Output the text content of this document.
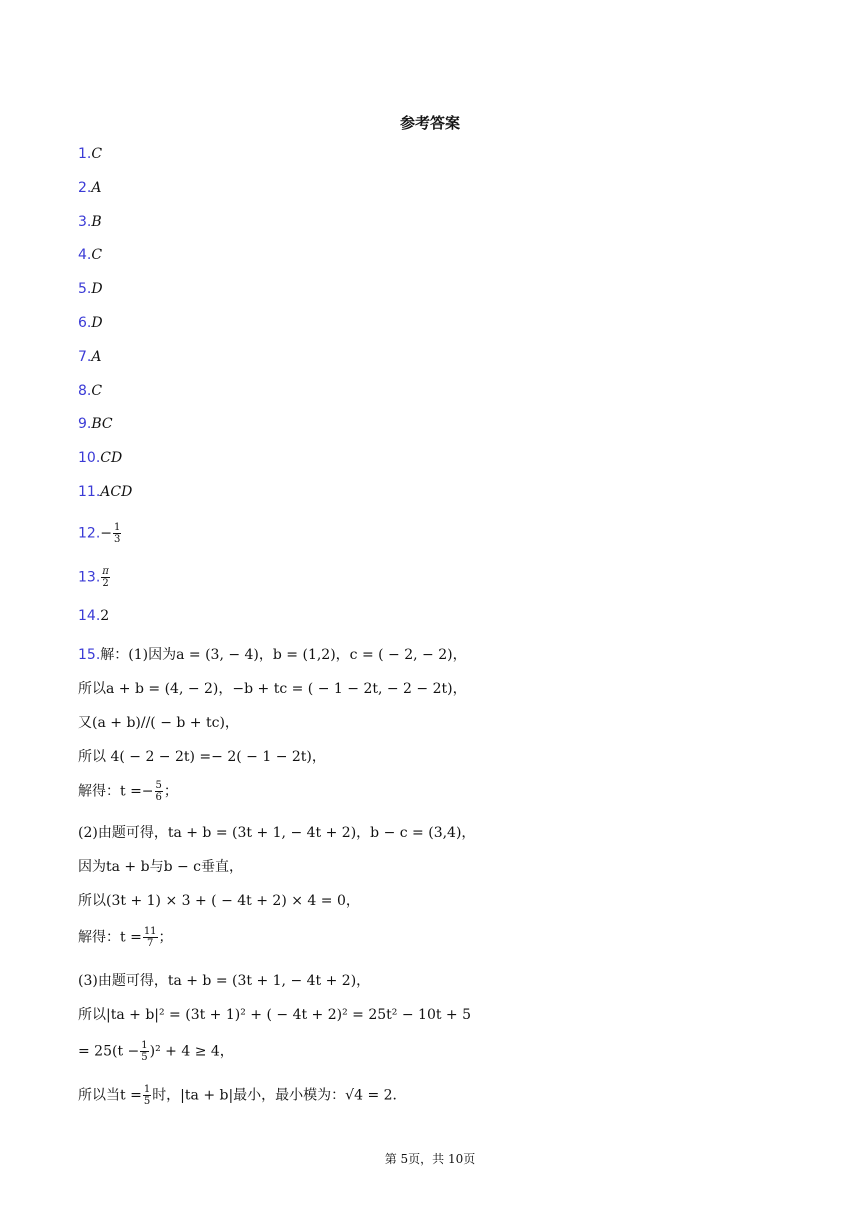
参考答案
1.C
2.A
3.B
4.C
5.D
6.D
7.A
8.C
9.BC
10.CD
11.ACD
$12.- \frac{1}{3}$
13. $\frac{\pi}{2}$
14.2
15.解：(1)因为a = (3, − 4)，b = (1,2)，c = ( − 2, − 2)，
所以a + b = (4, − 2)，−b + tc = ( − 1 − 2t, − 2 − 2t)，
又(a + b)//( − b + tc)，
所以 4( − 2 − 2t) =− 2( − 1 − 2t)，
解得：$t =- \frac{5}{6}$ ；
(2)由题可得，ta + b = (3t + 1, − 4t + 2)，b − c = (3,4)，
因为ta + b与b − c垂直，
所以(3t + 1) × 3 + ( − 4t + 2) × 4 = 0，
解得：$t = \frac{11}{7}$ ；
(3)由题可得，ta + b = (3t + 1, − 4t + 2)，
所以|ta + b|² = (3t + 1)² + ( − 4t + 2)² = 25t² − 10t + 5
= $25(t - \frac{1}{5} )^2 + 4 \ge 4$，
所以当$t = \frac{1}{5}$ 时，|ta + b|最小，最小模为：√4 = 2．
第 5页，共 10页
